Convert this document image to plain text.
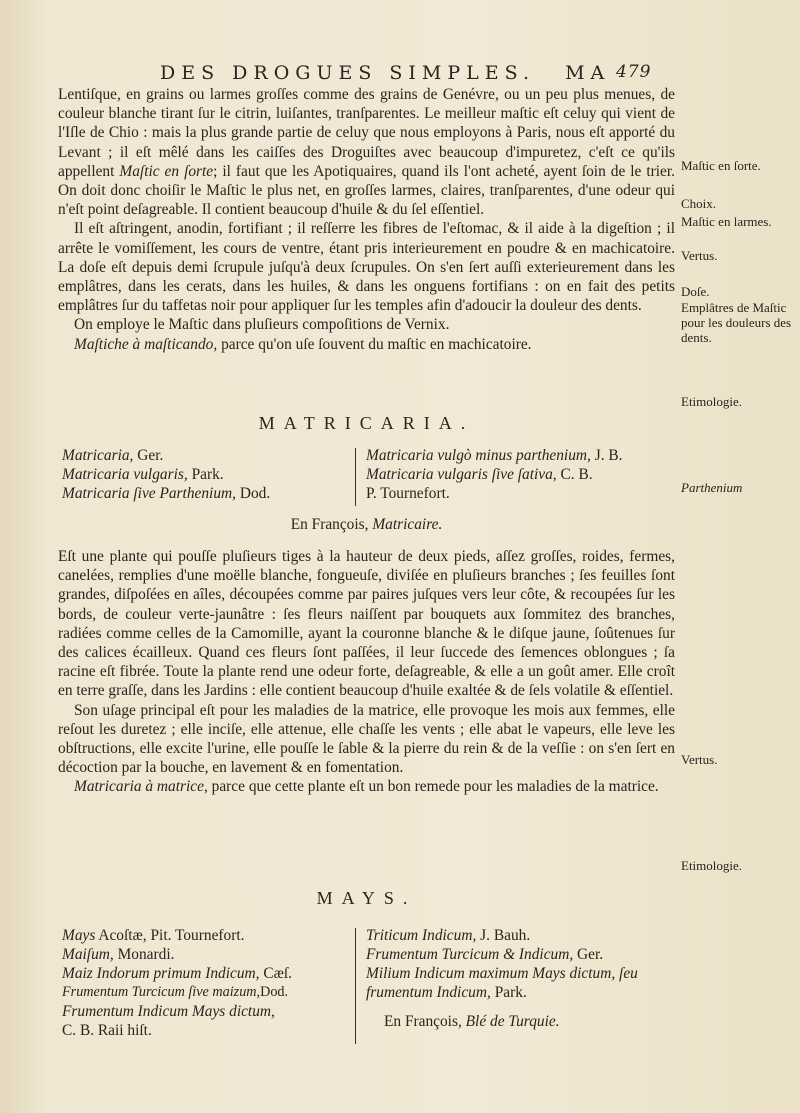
DES DROGUES SIMPLES. MA 479

Lentiſque, en grains ou larmes groſſes comme des grains de Genévre, ou un peu plus menues, de couleur blanche tirant ſur le citrin, luiſantes, tranſparentes. Le meilleur maſtic eſt celuy qui vient de l'Iſle de Chio : mais la plus grande partie de celuy que nous employons à Paris, nous eſt apporté du Levant ; il eſt mêlé dans les caiſſes des Droguiſtes avec beaucoup d'impuretez, c'eſt ce qu'ils appellent Maſtic en ſorte; il faut que les Apotiquaires, quand ils l'ont acheté, ayent ſoin de le trier. On doit donc choiſir le Maſtic le plus net, en groſſes larmes, claires, tranſparentes, d'une odeur qui n'eſt point deſagreable. Il contient beaucoup d'huile & du ſel eſſentiel.

Il eſt aſtringent, anodin, fortifiant ; il reſſerre les fibres de l'eſtomac, & il aide à la digeſtion ; il arrête le vomiſſement, les cours de ventre, étant pris interieurement en poudre & en machicatoire. La doſe eſt depuis demi ſcrupule juſqu'à deux ſcrupules. On s'en ſert auſſi exterieurement dans les emplâtres, dans les cerats, dans les huiles, & dans les onguens fortifians : on en fait des petits emplâtres ſur du taffetas noir pour appliquer ſur les temples afin d'adoucir la douleur des dents.

On employe le Maſtic dans pluſieurs compoſitions de Vernix.

Maſtiche à maſticando, parce qu'on uſe ſouvent du maſtic en machicatoire.

MATRICARIA.
Matricaria, Ger.
Matricaria vulgaris, Park.
Matricaria ſive Parthenium, Dod.
Matricaria vulgò minus parthenium, J. B.
Matricaria vulgaris ſive ſativa, C. B.
P. Tournefort.
En François, Matricaire.

Eſt une plante qui pouſſe pluſieurs tiges à la hauteur de deux pieds, aſſez groſſes, roides, fermes, canelées, remplies d'une moëlle blanche, fongueuſe, diviſée en pluſieurs branches ; ſes feuilles ſont grandes, diſpoſées en aîles, découpées comme par paires juſques vers leur côte, & recoupées ſur les bords, de couleur verte-jaunâtre : ſes fleurs naiſſent par bouquets aux ſommitez des branches, radiées comme celles de la Camomille, ayant la couronne blanche & le diſque jaune, ſoûtenues ſur des calices écailleux. Quand ces fleurs ſont paſſées, il leur ſuccede des ſemences oblongues ; ſa racine eſt fibrée. Toute la plante rend une odeur forte, deſagreable, & elle a un goût amer. Elle croît en terre graſſe, dans les Jardins : elle contient beaucoup d'huile exaltée & de ſels volatile & eſſentiel.

Son uſage principal eſt pour les maladies de la matrice, elle provoque les mois aux femmes, elle reſout les duretez ; elle inciſe, elle attenue, elle chaſſe les vents ; elle abat le vapeurs, elle leve les obſtructions, elle excite l'urine, elle pouſſe le ſable & la pierre du rein & de la veſſie : on s'en ſert en décoction par la bouche, en lavement & en fomentation.

Matricaria à matrice, parce que cette plante eſt un bon remede pour les maladies de la matrice.

MAYS.
Mays Acoſtæ, Pit. Tournefort.
Maiſum, Monardi.
Maiz Indorum primum Indicum, Cæſ.
Frumentum Turcicum ſive maizum,Dod.
Frumentum Indicum Mays dictum,
C. B. Raii hiſt.
Triticum Indicum, J. Bauh.
Frumentum Turcicum & Indicum, Ger.
Milium Indicum maximum Mays dictum, ſeu frumentum Indicum, Park.
En François, Blé de Turquie.
Maſtic en ſorte.
Choix.
Maſtic en larmes.
Vertus.
Doſe.
Emplâtres de Maſtic pour les douleurs des dents.
Etimologie.
Parthenium
Vertus.
Etimologie.
